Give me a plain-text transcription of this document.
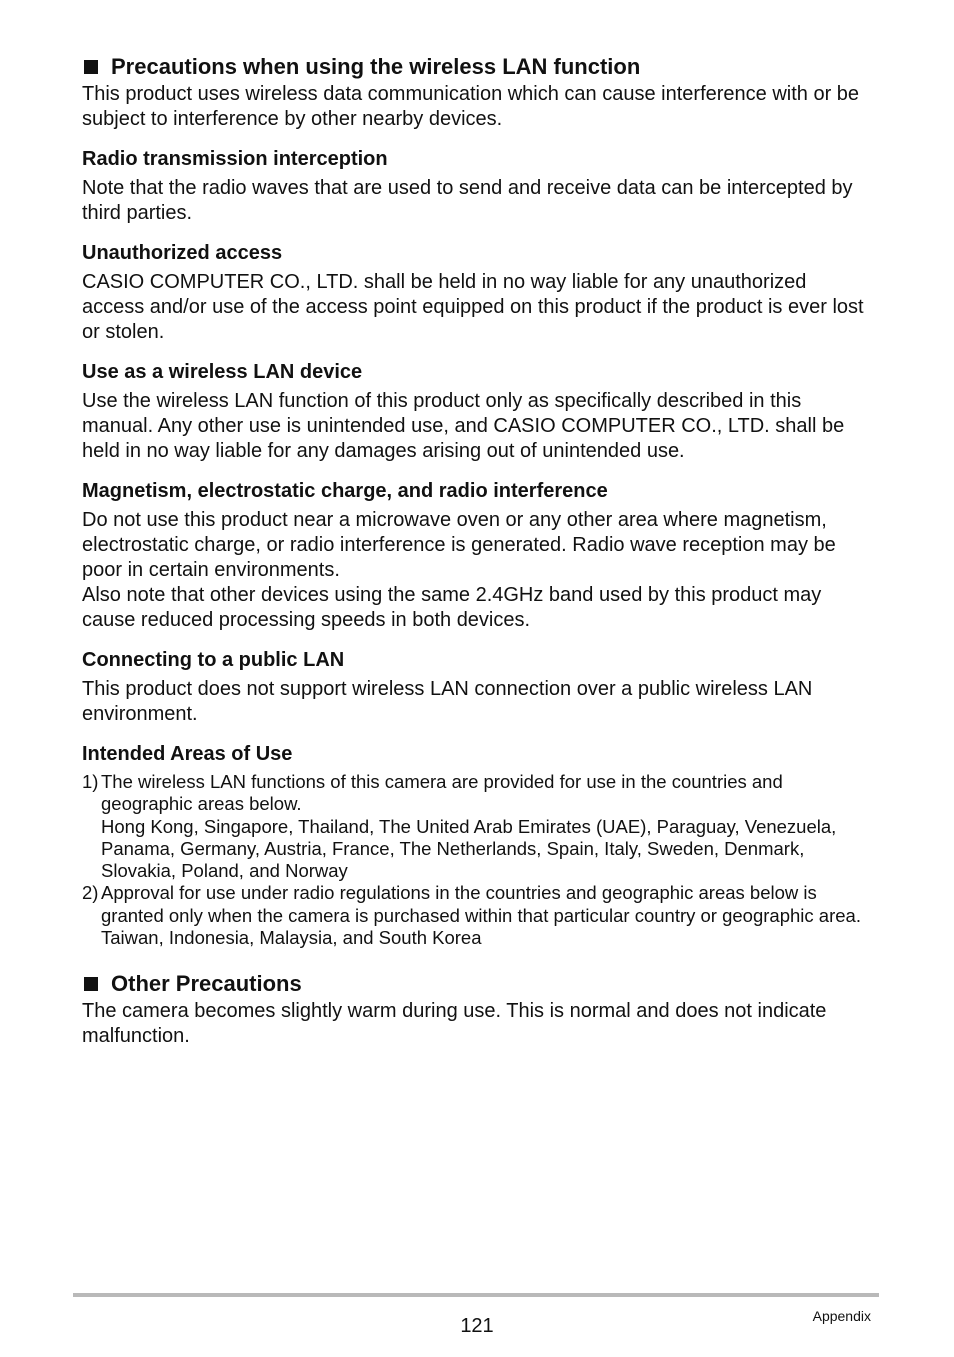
Precautions when using the wireless LAN function

This product uses wireless data communication which can cause interference with or be subject to interference by other nearby devices.

Radio transmission interception

Note that the radio waves that are used to send and receive data can be intercepted by third parties.

Unauthorized access

CASIO COMPUTER CO., LTD. shall be held in no way liable for any unauthorized access and/or use of the access point equipped on this product if the product is ever lost or stolen.

Use as a wireless LAN device

Use the wireless LAN function of this product only as specifically described in this manual. Any other use is unintended use, and CASIO COMPUTER CO., LTD. shall be held in no way liable for any damages arising out of unintended use.

Magnetism, electrostatic charge, and radio interference

Do not use this product near a microwave oven or any other area where magnetism, electrostatic charge, or radio interference is generated. Radio wave reception may be poor in certain environments.

Also note that other devices using the same 2.4GHz band used by this product may cause reduced processing speeds in both devices.

Connecting to a public LAN

This product does not support wireless LAN connection over a public wireless LAN environment.

Intended Areas of Use

1) The wireless LAN functions of this camera are provided for use in the countries and geographic areas below.
Hong Kong, Singapore, Thailand, The United Arab Emirates (UAE), Paraguay, Venezuela, Panama, Germany, Austria, France, The Netherlands, Spain, Italy, Sweden, Denmark, Slovakia, Poland, and Norway
2) Approval for use under radio regulations in the countries and geographic areas below is granted only when the camera is purchased within that particular country or geographic area.
Taiwan, Indonesia, Malaysia, and South Korea
Other Precautions

The camera becomes slightly warm during use. This is normal and does not indicate malfunction.

121	Appendix
